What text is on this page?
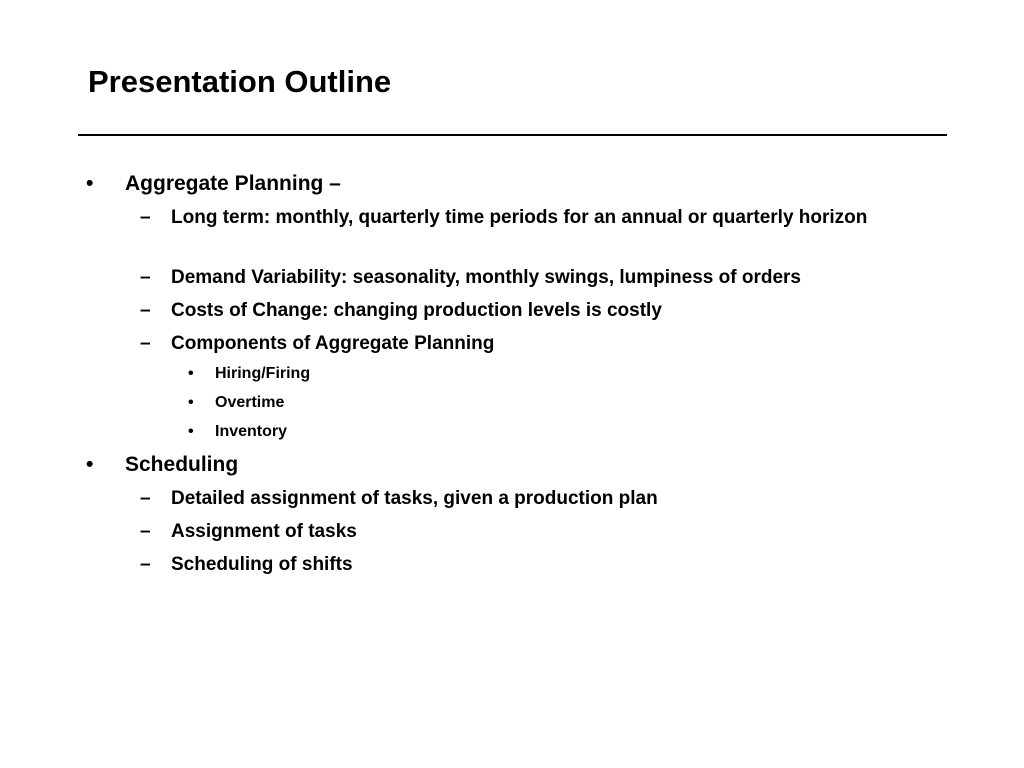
Presentation Outline
• Aggregate Planning –
– Long term: monthly, quarterly time periods for an annual or quarterly horizon
– Demand Variability: seasonality, monthly swings, lumpiness of orders
– Costs of Change: changing production levels is costly
– Components of Aggregate Planning
• Hiring/Firing
• Overtime
• Inventory
• Scheduling
– Detailed assignment of tasks, given a production plan
– Assignment of tasks
– Scheduling of shifts
